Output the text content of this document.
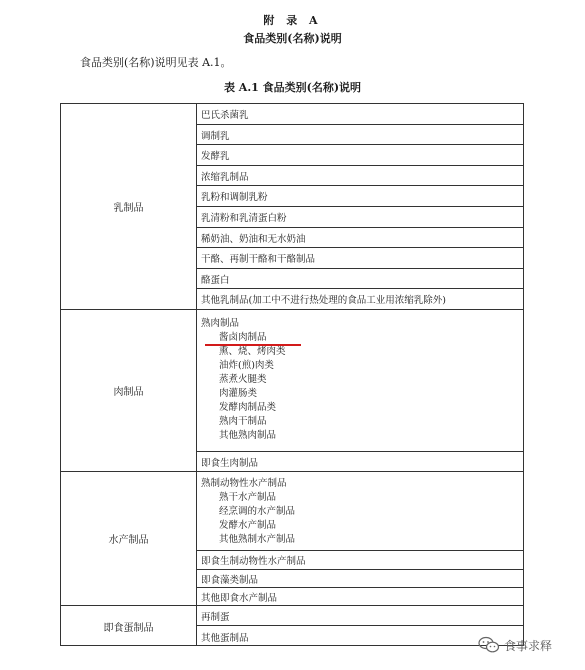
附 录 A
食品类别(名称)说明
食品类别(名称)说明见表 A.1。
表 A.1 食品类别(名称)说明
乳制品
巴氏杀菌乳
调制乳
发酵乳
浓缩乳制品
乳粉和调制乳粉
乳清粉和乳清蛋白粉
稀奶油、奶油和无水奶油
干酪、再制干酪和干酪制品
酪蛋白
其他乳制品(加工中不进行热处理的食品工业用浓缩乳除外)
肉制品
熟肉制品
酱卤肉制品
熏、烧、烤肉类
油炸(煎)肉类
蒸煮火腿类
肉灌肠类
发酵肉制品类
熟肉干制品
其他熟肉制品
即食生肉制品
水产制品
熟制动物性水产制品
熟干水产制品
经烹调的水产制品
发酵水产制品
其他熟制水产制品
即食生制动物性水产制品
即食藻类制品
其他即食水产制品
即食蛋制品
再制蛋
其他蛋制品
食事求释
